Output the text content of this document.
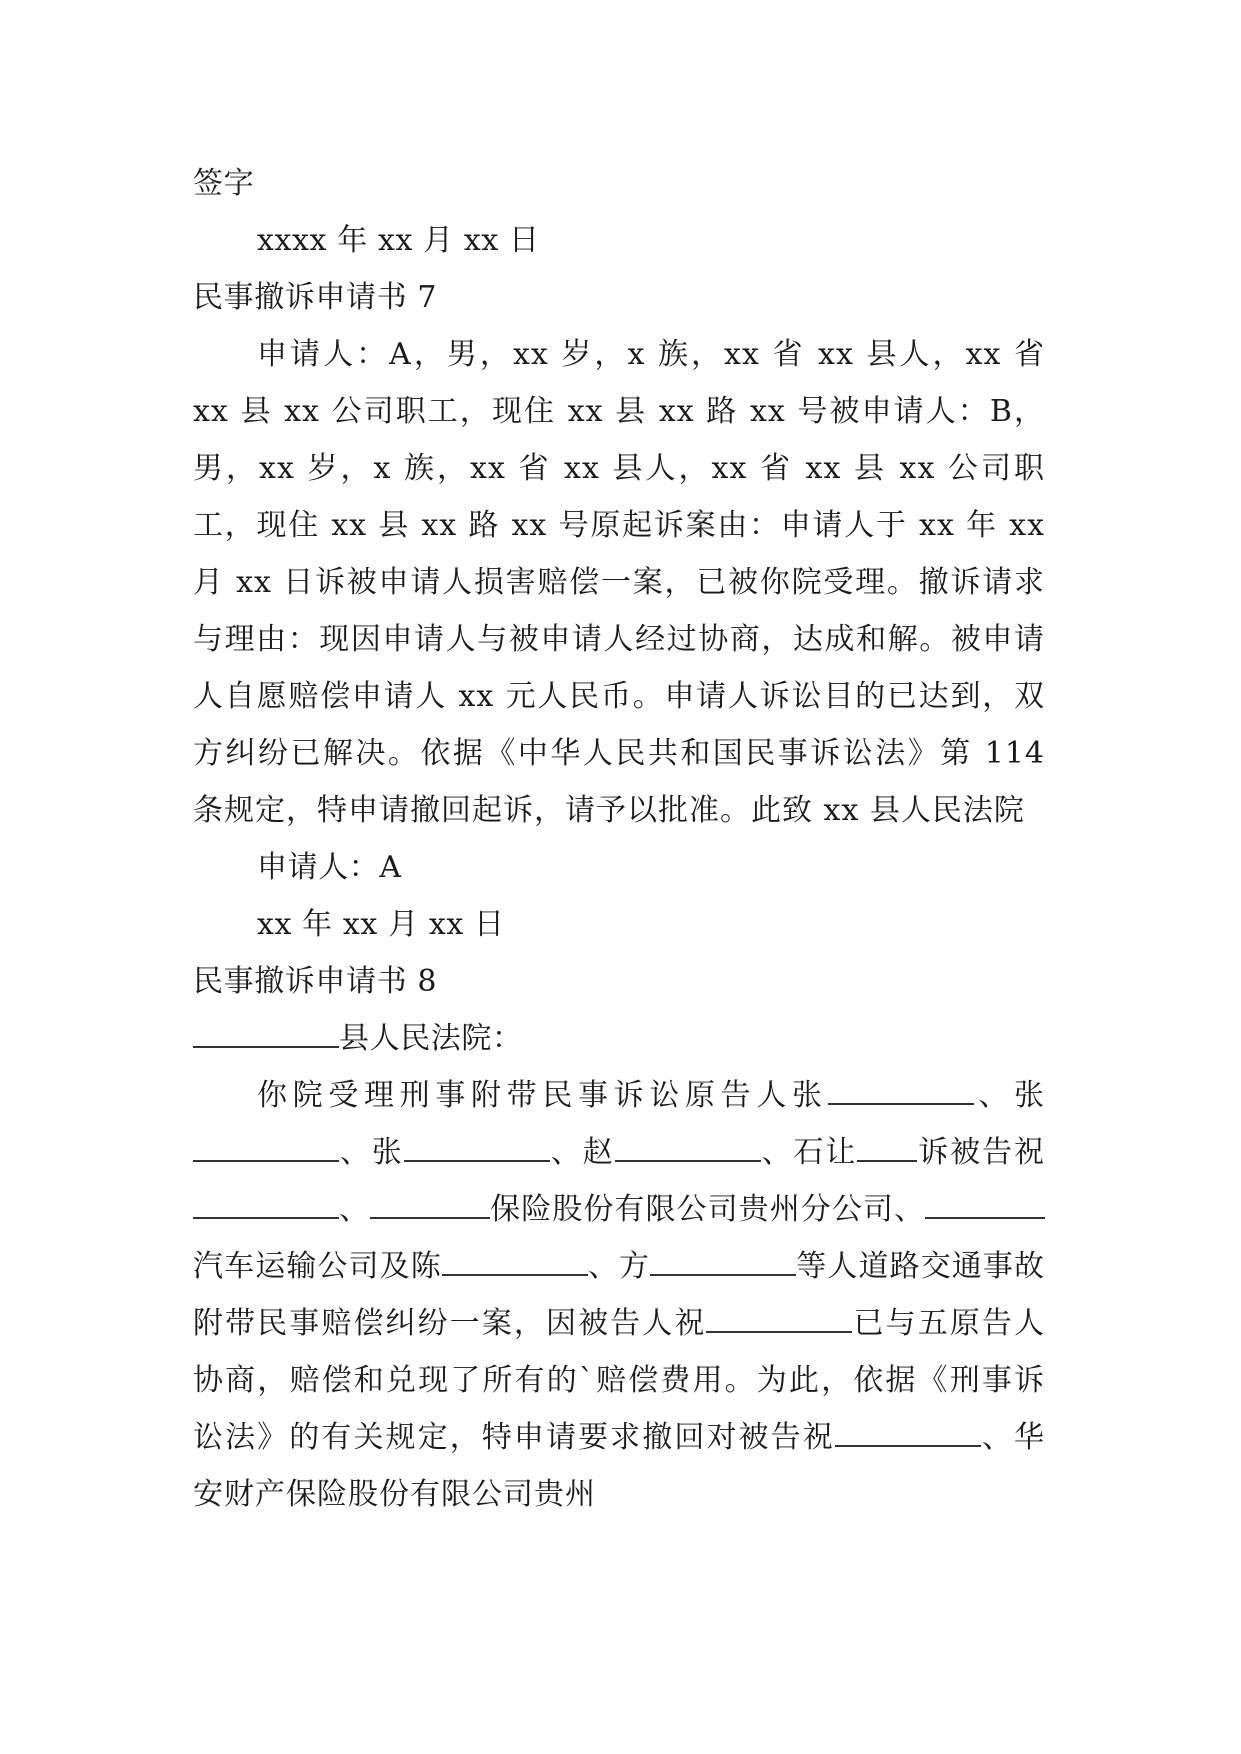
签字
xxxx 年 xx 月 xx 日
民事撤诉申请书 7

申请人：A，男，xx 岁，x 族，xx 省 xx 县人，xx 省 xx 县 xx 公司职工，现住 xx 县 xx 路 xx 号被申请人：B，男，xx 岁，x 族，xx 省 xx 县人，xx 省 xx 县 xx 公司职工，现住 xx 县 xx 路 xx 号原起诉案由：申请人于 xx 年 xx 月 xx 日诉被申请人损害赔偿一案，已被你院受理。撤诉请求与理由：现因申请人与被申请人经过协商，达成和解。被申请人自愿赔偿申请人 xx 元人民币。申请人诉讼目的已达到，双方纠纷已解决。依据《中华人民共和国民事诉讼法》第 114 条规定，特申请撤回起诉，请予以批准。此致 xx 县人民法院

申请人：A
xx 年 xx 月 xx 日
民事撤诉申请书 8
县人民法院：

你院受理刑事附带民事诉讼原告人张	、张、张	、赵	、石让 诉被告祝、	保险股份有限公司贵州分公司、汽车运输公司及陈	、方	等人道路交通事故附带民事赔偿纠纷一案，因被告人祝	已与五原告人协商，赔偿和兑现了所有的`赔偿费用。为此，依据《刑事诉讼法》的有关规定，特申请要求撤回对被告祝	、华安财产保险股份有限公司贵州
